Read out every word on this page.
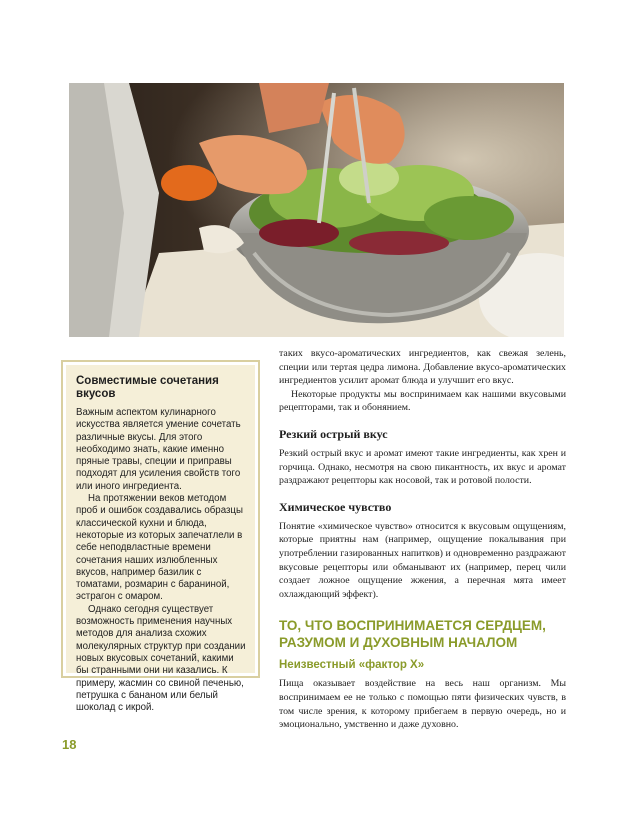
Совместимые сочетания вкусов

Важным аспектом кулинарного искусства является умение сочетать различные вкусы. Для этого необходимо знать, какие именно пряные травы, специи и приправы подходят для усиления свойств того или иного ингредиента.

На протяжении веков методом проб и ошибок создавались образцы классической кухни и блюда, некоторые из которых запечатлели в себе неподвластные времени сочетания наших излюбленных вкусов, например базилик с томатами, розмарин с бараниной, эстрагон с омаром.

Однако сегодня существует возможность применения научных методов для анализа схожих молекулярных структур при создании новых вкусовых сочетаний, какими бы странными они ни казались. К примеру, жасмин со свиной печенью, петрушка с бананом или белый шоколад с икрой.

таких вкусо-ароматических ингредиентов, как свежая зелень, специи или тертая цедра лимона. Добавление вкусо-ароматических ингредиентов усилит аромат блюда и улучшит его вкус.

Некоторые продукты мы воспринимаем как нашими вкусовыми рецепторами, так и обонянием.

Резкий острый вкус

Резкий острый вкус и аромат имеют такие ингредиенты, как хрен и горчица. Однако, несмотря на свою пикантность, их вкус и аромат раздражают рецепторы как носовой, так и ротовой полости.

Химическое чувство

Понятие «химическое чувство» относится к вкусовым ощущениям, которые приятны нам (например, ощущение покалывания при употреблении газированных напитков) и одновременно раздражают вкусовые рецепторы или обманывают их (например, перец чили создает ложное ощущение жжения, а перечная мята имеет охлаждающий эффект).

ТО, ЧТО ВОСПРИНИМАЕТСЯ СЕРДЦЕМ, РАЗУМОМ И ДУХОВНЫМ НАЧАЛОМ
Неизвестный «фактор Х»

Пища оказывает воздействие на весь наш организм. Мы воспринимаем ее не только с помощью пяти физических чувств, в том числе зрения, к которому прибегаем в первую очередь, но и эмоционально, умственно и даже духовно.

18
